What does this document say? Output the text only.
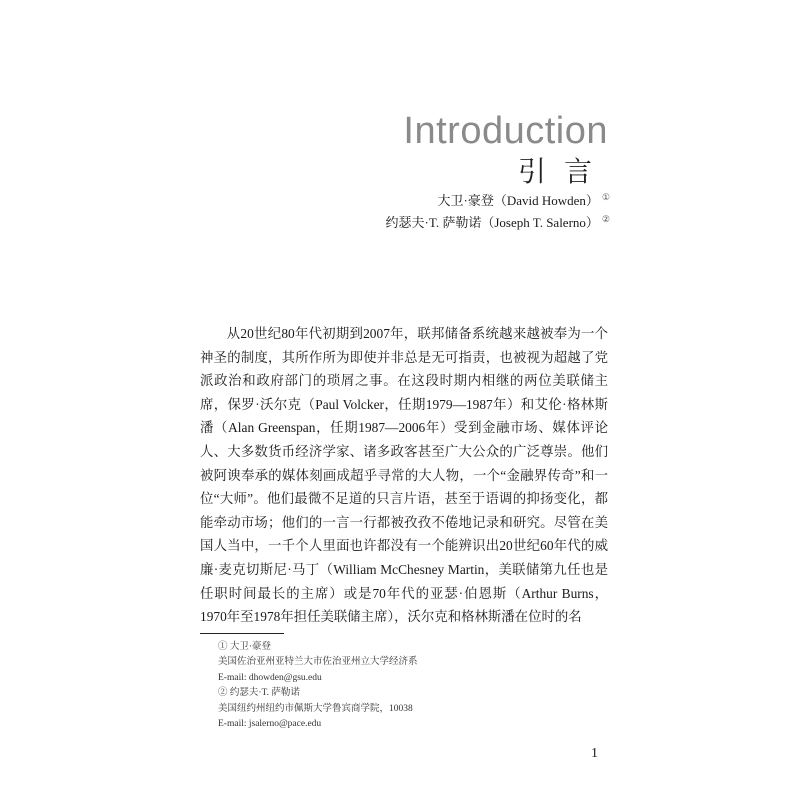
Introduction
引言
大卫·豪登（David Howden） ①
约瑟夫·T. 萨勒诺（Joseph T. Salerno） ②
从20世纪80年代初期到2007年，联邦储备系统越来越被奉为一个神圣的制度，其所作所为即使并非总是无可指责，也被视为超越了党派政治和政府部门的琐屑之事。在这段时期内相继的两位美联储主席，保罗·沃尔克（Paul Volcker，任期1979—1987年）和艾伦·格林斯潘（Alan Greenspan，任期1987—2006年）受到金融市场、媒体评论人、大多数货币经济学家、诸多政客甚至广大公众的广泛尊崇。他们被阿谀奉承的媒体刻画成超乎寻常的大人物，一个“金融界传奇”和一位“大师”。他们最微不足道的只言片语，甚至于语调的抑扬变化，都能牵动市场；他们的一言一行都被孜孜不倦地记录和研究。尽管在美国人当中，一千个人里面也许都没有一个能辨识出20世纪60年代的威廉·麦克切斯尼·马丁（William McChesney Martin，美联储第九任也是任职时间最长的主席）或是70年代的亚瑟·伯恩斯（Arthur Burns，1970年至1978年担任美联储主席），沃尔克和格林斯潘在位时的名
① 大卫·豪登
美国佐治亚州亚特兰大市佐治亚州立大学经济系
E-mail: dhowden@gsu.edu
② 约瑟夫·T. 萨勒诺
美国纽约州纽约市佩斯大学鲁宾商学院，10038
E-mail: jsalerno@pace.edu
1
